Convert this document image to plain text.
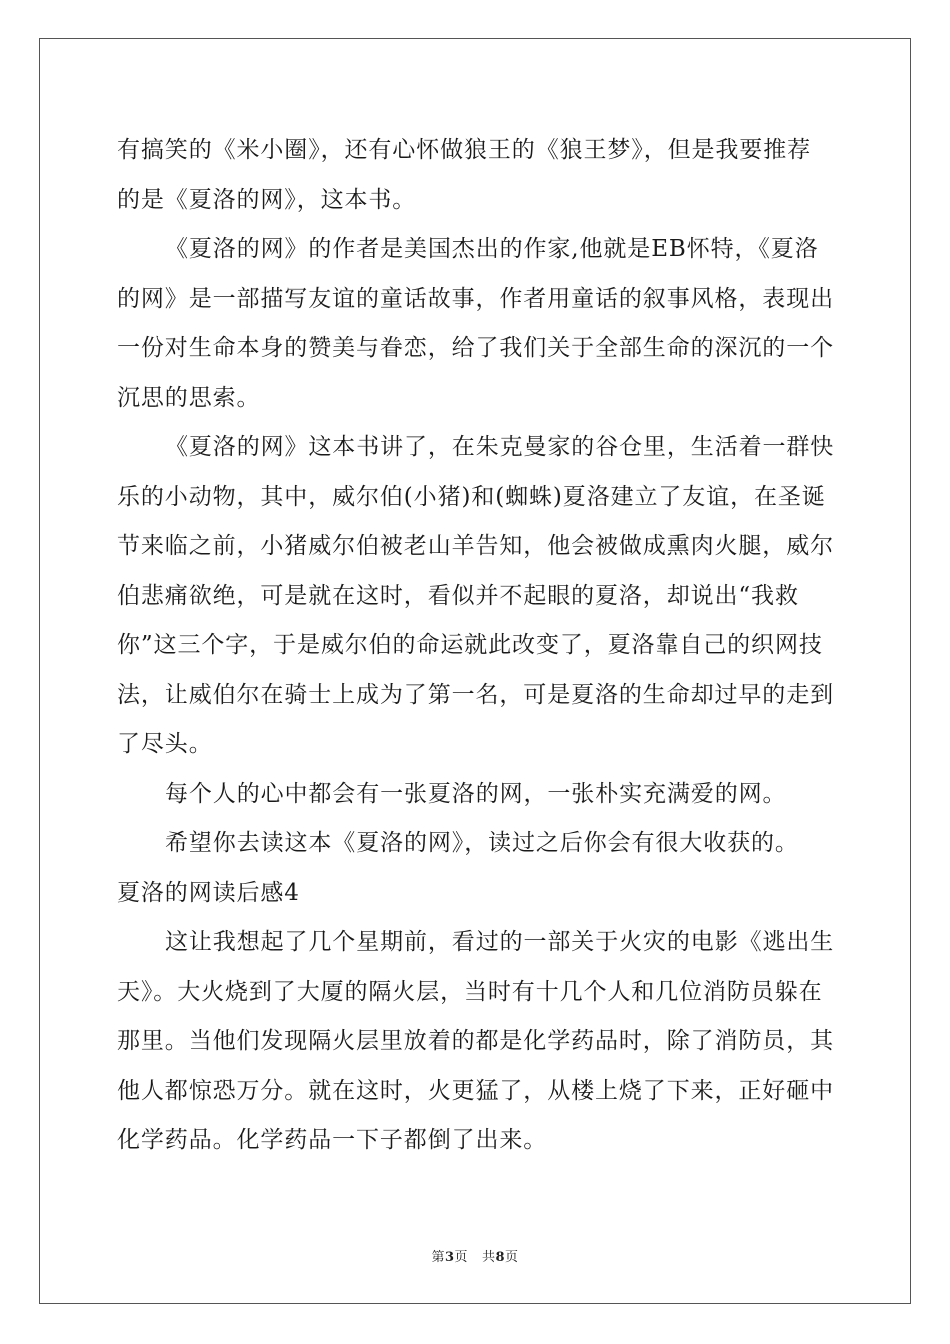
有搞笑的《米小圈》，还有心怀做狼王的《狼王梦》，但是我要推荐
的是《夏洛的网》，这本书。
《夏洛的网》的作者是美国杰出的作家,他就是EB怀特，《夏洛
的网》是一部描写友谊的童话故事，作者用童话的叙事风格，表现出
一份对生命本身的赞美与眷恋，给了我们关于全部生命的深沉的一个
沉思的思索。
《夏洛的网》这本书讲了，在朱克曼家的谷仓里，生活着一群快
乐的小动物，其中，威尔伯(小猪)和(蜘蛛)夏洛建立了友谊，在圣诞
节来临之前，小猪威尔伯被老山羊告知，他会被做成熏肉火腿，威尔
伯悲痛欲绝，可是就在这时，看似并不起眼的夏洛，却说出“我救
你”这三个字，于是威尔伯的命运就此改变了，夏洛靠自己的织网技
法，让威伯尔在骑士上成为了第一名，可是夏洛的生命却过早的走到
了尽头。
每个人的心中都会有一张夏洛的网，一张朴实充满爱的网。
希望你去读这本《夏洛的网》，读过之后你会有很大收获的。
夏洛的网读后感4
这让我想起了几个星期前，看过的一部关于火灾的电影《逃出生
天》。大火烧到了大厦的隔火层，当时有十几个人和几位消防员躲在
那里。当他们发现隔火层里放着的都是化学药品时，除了消防员，其
他人都惊恐万分。就在这时，火更猛了，从楼上烧了下来，正好砸中
化学药品。化学药品一下子都倒了出来。
第3页 共8页
